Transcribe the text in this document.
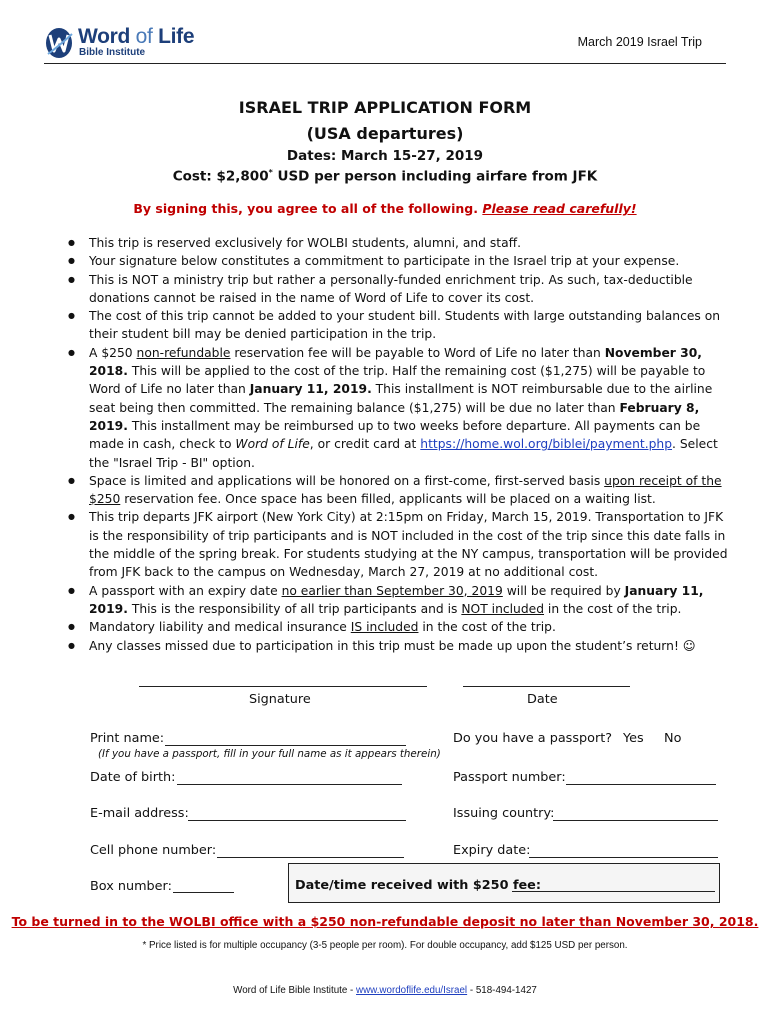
Word of Life
Bible Institute
March 2019 Israel Trip
ISRAEL TRIP APPLICATION FORM
(USA departures)
Dates: March 15-27, 2019
Cost: $2,800* USD per person including airfare from JFK
By signing this, you agree to all of the following. Please read carefully!
● This trip is reserved exclusively for WOLBI students, alumni, and staff.
● Your signature below constitutes a commitment to participate in the Israel trip at your expense.
● This is NOT a ministry trip but rather a personally-funded enrichment trip. As such, tax-deductible donations cannot be raised in the name of Word of Life to cover its cost.
● The cost of this trip cannot be added to your student bill. Students with large outstanding balances on their student bill may be denied participation in the trip.
● A $250 non-refundable reservation fee will be payable to Word of Life no later than November 30, 2018. This will be applied to the cost of the trip. Half the remaining cost ($1,275) will be payable to Word of Life no later than January 11, 2019. This installment is NOT reimbursable due to the airline seat being then committed. The remaining balance ($1,275) will be due no later than February 8, 2019. This installment may be reimbursed up to two weeks before departure. All payments can be made in cash, check to Word of Life, or credit card at https://home.wol.org/biblei/payment.php. Select the "Israel Trip - BI" option.
● Space is limited and applications will be honored on a first-come, first-served basis upon receipt of the $250 reservation fee. Once space has been filled, applicants will be placed on a waiting list.
● This trip departs JFK airport (New York City) at 2:15pm on Friday, March 15, 2019. Transportation to JFK is the responsibility of trip participants and is NOT included in the cost of the trip since this date falls in the middle of the spring break. For students studying at the NY campus, transportation will be provided from JFK back to the campus on Wednesday, March 27, 2019 at no additional cost.
● A passport with an expiry date no earlier than September 30, 2019 will be required by January 11, 2019. This is the responsibility of all trip participants and is NOT included in the cost of the trip.
● Mandatory liability and medical insurance IS included in the cost of the trip.
● Any classes missed due to participation in this trip must be made up upon the student’s return! ☺
Signature	Date
Print name:
(If you have a passport, fill in your full name as it appears therein)
Date of birth:
E-mail address:
Cell phone number:
Box number:
Do you have a passport? Yes No
Passport number:
Issuing country:
Expiry date:
Date/time received with $250 fee:
To be turned in to the WOLBI office with a $250 non-refundable deposit no later than November 30, 2018.
* Price listed is for multiple occupancy (3-5 people per room). For double occupancy, add $125 USD per person.
Word of Life Bible Institute - www.wordoflife.edu/Israel - 518-494-1427
